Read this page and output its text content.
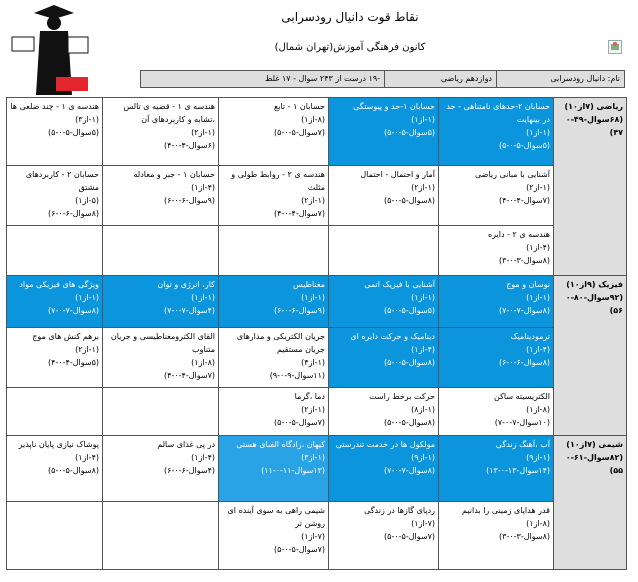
نقاط قوت دانیال رودسرابی
کانون فرهنگی آموزش(تهران شمال)
نام: دانیال رودسرابی
دوازدهم ریاضی
-۱۹ درست از ۲۴۳ سوال - ۱۷ غلط
ریاضی (۷از۱۰)
(۶۸سوال-۴۹-۰
۴۷)	حسابان ۲-حدهای نامتناهی - حد در بینهایت
(۱-از۱)
(۵سوال-۵-۰-۵)	حسابان ۱-حد و پیوستگی
(۱-از۱)
(۵سوال-۵-۰-۵)	حسابان ۱ - تابع
(۸-از۱)
(۷سوال-۵-۰-۵)	هندسه ی ۱ - قضیه ی تالس ،تشابه و کاربردهای آن
(۱-از۲)
(۶سوال-۴-۰-۴)	هندسه ی ۱ - چند ضلعی ها
(۱-از۳)
(۵سوال-۵-۰-۵)

	آشنایی با مبانی ریاضی
(۱-از۲)
(۷سوال-۴-۰-۴)	آمار و احتمال - احتمال
(۱-از۲)
(۸سوال-۵-۰-۵)	هندسه ی ۲ - روابط طولی و مثلث
(۱-از۲)
(۷سوال-۴-۰-۴)	حسابان ۱ - جبر و معادله
(۴-از۱)
(۹سوال-۶-۰-۶)	حسابان ۲ - کاربردهای مشتق
(۵-از۱)
(۸سوال-۶-۰-۶)

	هندسه ی ۲ - دایره
(۴-از۱)
(۸سوال-۳-۰-۳)				

فیزیک (۹از۱۰)
(۹۲سوال-۸۰-۰
۵۶)	نوسان و موج
(۱-از۱)
(۸سوال-۷-۰-۷)	آشنایی با فیزیک اتمی
(۱-از۱)
(۵سوال-۵-۰-۵)	مغناطیس
(۱-از۱)
(۹سوال-۶-۰-۶)	کار، انرژی و توان
(۱-از۱)
(۴سوال-۷-۰-۷)	ویژگی های فیزیکی مواد
(۱-از۱)
(۸سوال-۷-۰-۷)

	ترمودینامیک
(۴-از۱)
(۸سوال-۶-۰-۶)	دینامیک و حرکت دایره ای
(۴-از۱)
(۸سوال-۵-۰-۵)	جریان الکتریکی و مدارهای جریان مستقیم
(۱-از۴)
(۱۱سوال-۹-۰-۹)	القای الکترومغناطیسی و جریان متناوب
(۸-از۱)
(۷سوال-۴-۰-۴)	برهم کنش های موج
(۱-از۲)
(۵سوال-۴-۰-۴)

	الکتریسیته ساکن
(۸-از۱)
(۱۰سوال-۷-۰-۷)	حرکت برخط راست
(۱-از۸)
(۸سوال-۵-۰-۵)	دما ،گرما
(۱-از۲)
(۷سوال-۵-۰-۵)		

شیمی (۷از۱۰)
(۸۲سوال-۶۱-۰
۵۵)	آب ،آهنگ زندگی
(۱-از۹)
(۱۴سوال-۱۳-۰-۱۳)	مولکول ها در خدمت تندرستی
(۱-از۹)
(۸سوال-۷-۰-۷)	کیهان ،زادگاه الفبای هستی
(۱-از۳)
(۱۳سوال-۱۱-۰-۱۱)	در پی غذای سالم
(۴-از۱)
(۴سوال-۶-۰-۶)	پوشاک نیازی پایان ناپذیر
(۴-از۱)
(۸سوال-۵-۰-۵)

	قدر هدایای زمینی را بدانیم
(۸-از۱)
(۸سوال-۳-۰-۳)	ردپای گازها در زندگی
(۷-از۱)
(۷سوال-۵-۰-۵)	شیمی راهی به سوی آینده ای روشن تر
(۷-از۱)
(۷سوال-۵-۰-۵)		
